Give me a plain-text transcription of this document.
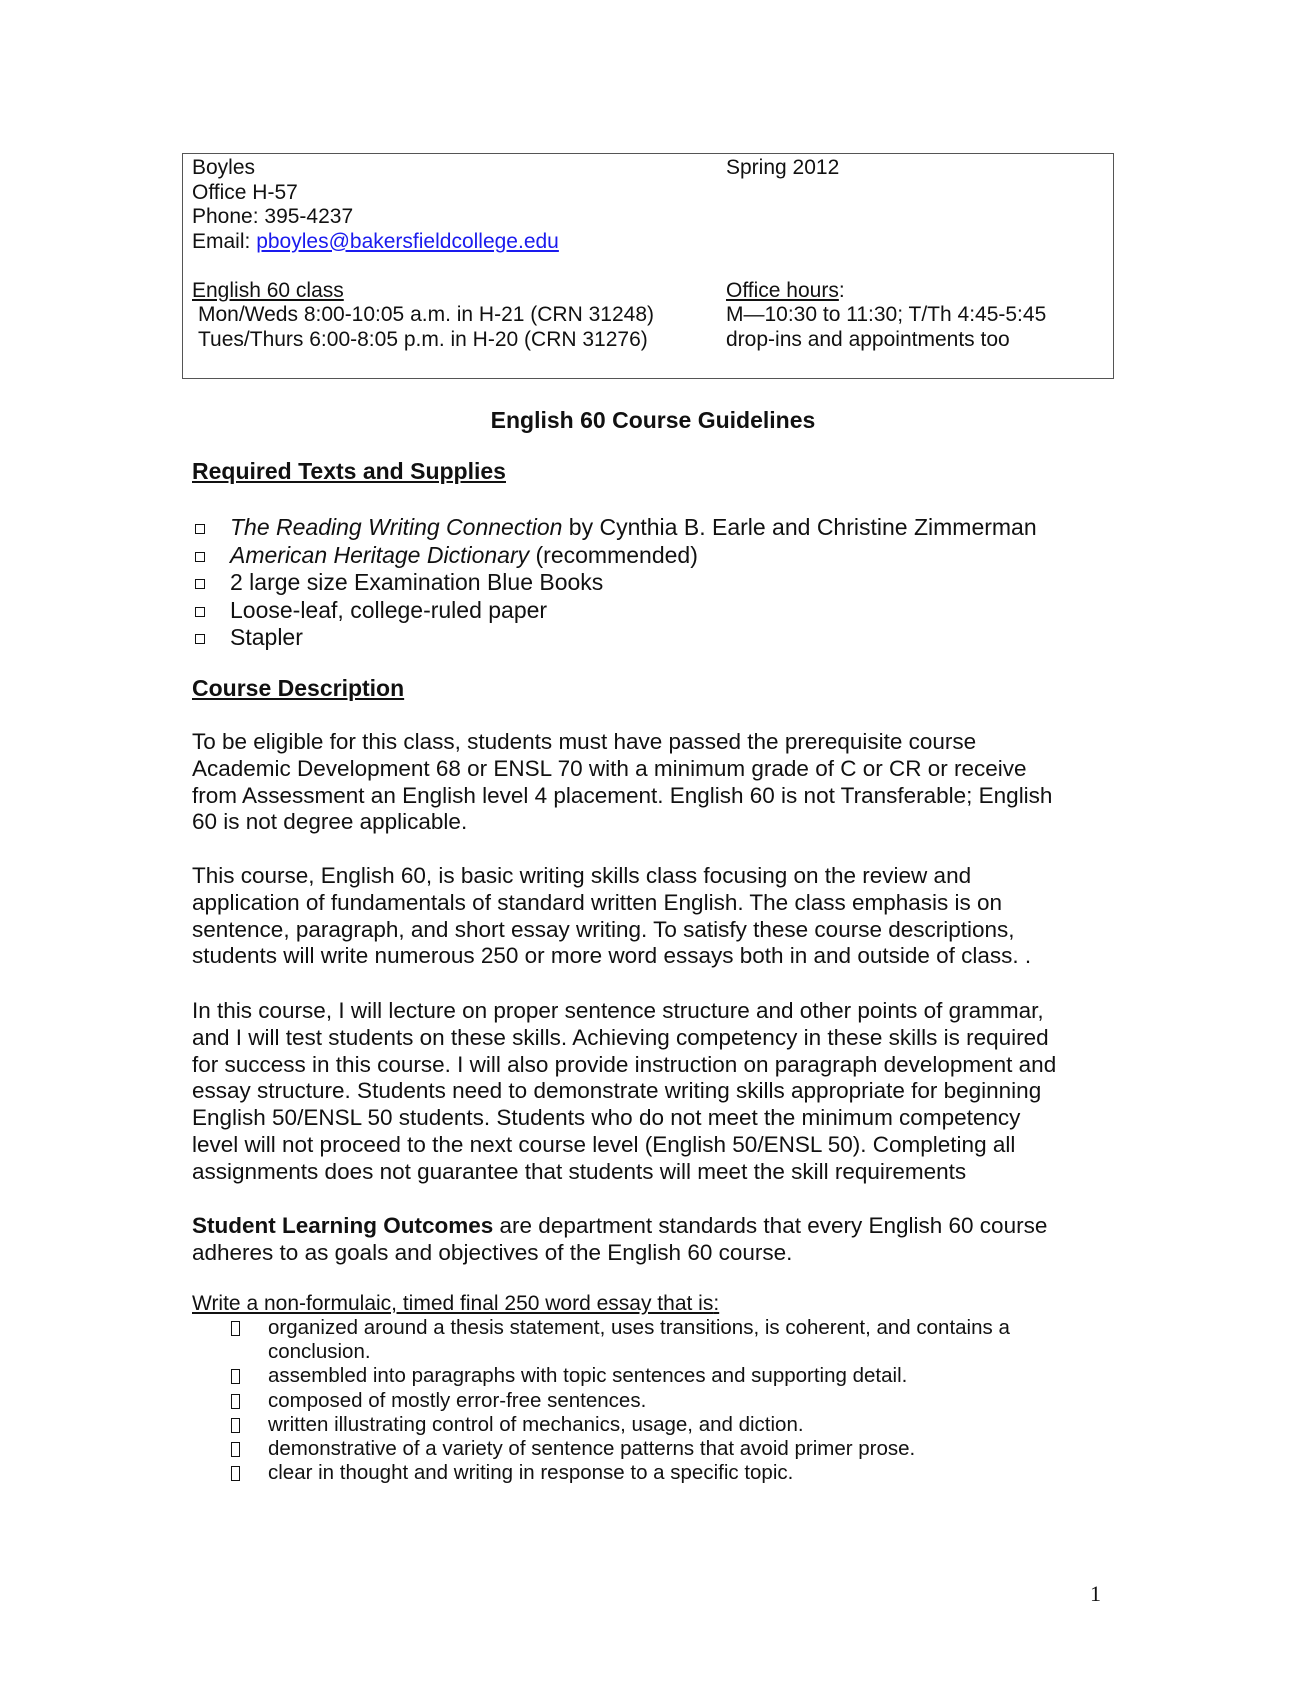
Boyles
Office H-57
Phone: 395-4237
Email: pboyles@bakersfieldcollege.edu
English 60 class
Mon/Weds 8:00-10:05 a.m. in H-21 (CRN 31248)
Tues/Thurs 6:00-8:05 p.m. in H-20 (CRN 31276)
Spring 2012
Office hours:
M—10:30 to 11:30; T/Th 4:45-5:45
drop-ins and appointments too
English 60 Course Guidelines
Required Texts and Supplies
The Reading Writing Connection by Cynthia B. Earle and Christine Zimmerman
American Heritage Dictionary (recommended)
2 large size Examination Blue Books
Loose-leaf, college-ruled paper
Stapler
Course Description
To be eligible for this class, students must have passed the prerequisite course
Academic Development 68 or ENSL 70 with a minimum grade of C or CR or receive
from Assessment an English level 4 placement. English 60 is not Transferable; English
60 is not degree applicable.
This course, English 60, is basic writing skills class focusing on the review and
application of fundamentals of standard written English. The class emphasis is on
sentence, paragraph, and short essay writing. To satisfy these course descriptions,
students will write numerous 250 or more word essays both in and outside of class. .
In this course, I will lecture on proper sentence structure and other points of grammar,
and I will test students on these skills. Achieving competency in these skills is required
for success in this course. I will also provide instruction on paragraph development and
essay structure. Students need to demonstrate writing skills appropriate for beginning
English 50/ENSL 50 students. Students who do not meet the minimum competency
level will not proceed to the next course level (English 50/ENSL 50). Completing all
assignments does not guarantee that students will meet the skill requirements
Student Learning Outcomes are department standards that every English 60 course
adheres to as goals and objectives of the English 60 course.
Write a non-formulaic, timed final 250 word essay that is:
organized around a thesis statement, uses transitions, is coherent, and contains a
conclusion.
assembled into paragraphs with topic sentences and supporting detail.
composed of mostly error-free sentences.
written illustrating control of mechanics, usage, and diction.
demonstrative of a variety of sentence patterns that avoid primer prose.
clear in thought and writing in response to a specific topic.
1
